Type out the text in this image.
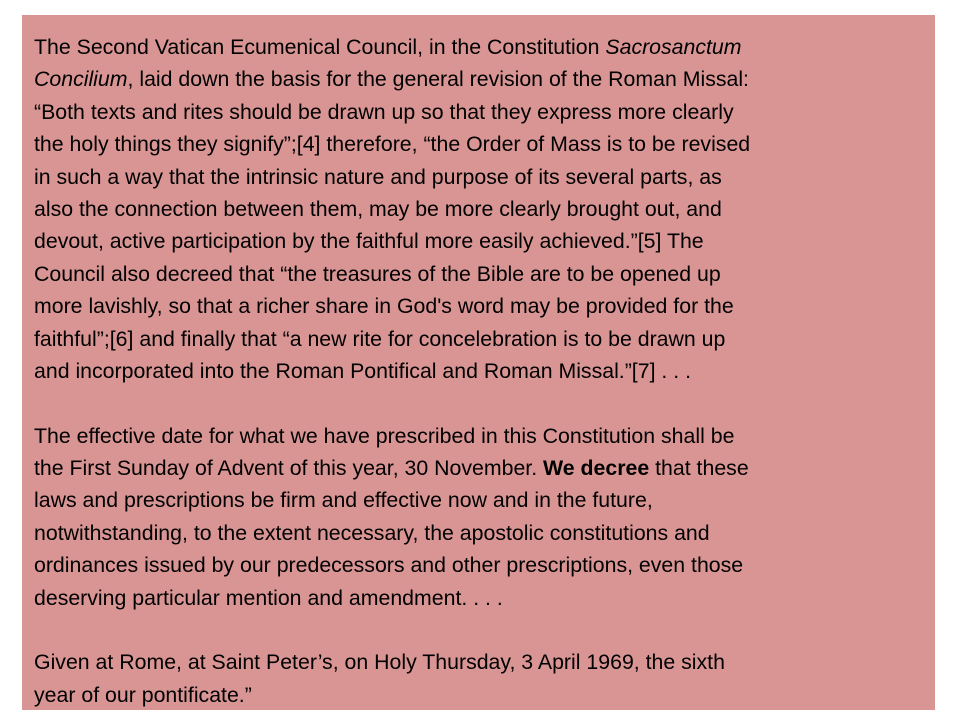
The Second Vatican Ecumenical Council, in the Constitution Sacrosanctum
Concilium, laid down the basis for the general revision of the Roman Missal:
“Both texts and rites should be drawn up so that they express more clearly
the holy things they signify”;[4] therefore, “the Order of Mass is to be revised
in such a way that the intrinsic nature and purpose of its several parts, as
also the connection between them, may be more clearly brought out, and
devout, active participation by the faithful more easily achieved.”[5] The
Council also decreed that “the treasures of the Bible are to be opened up
more lavishly, so that a richer share in God's word may be provided for the
faithful”;[6] and finally that “a new rite for concelebration is to be drawn up
and incorporated into the Roman Pontifical and Roman Missal.”[7] . . .
The effective date for what we have prescribed in this Constitution shall be
the First Sunday of Advent of this year, 30 November. We decree that these
laws and prescriptions be firm and effective now and in the future,
notwithstanding, to the extent necessary, the apostolic constitutions and
ordinances issued by our predecessors and other prescriptions, even those
deserving particular mention and amendment. . . .
Given at Rome, at Saint Peter’s, on Holy Thursday, 3 April 1969, the sixth
year of our pontificate.”
